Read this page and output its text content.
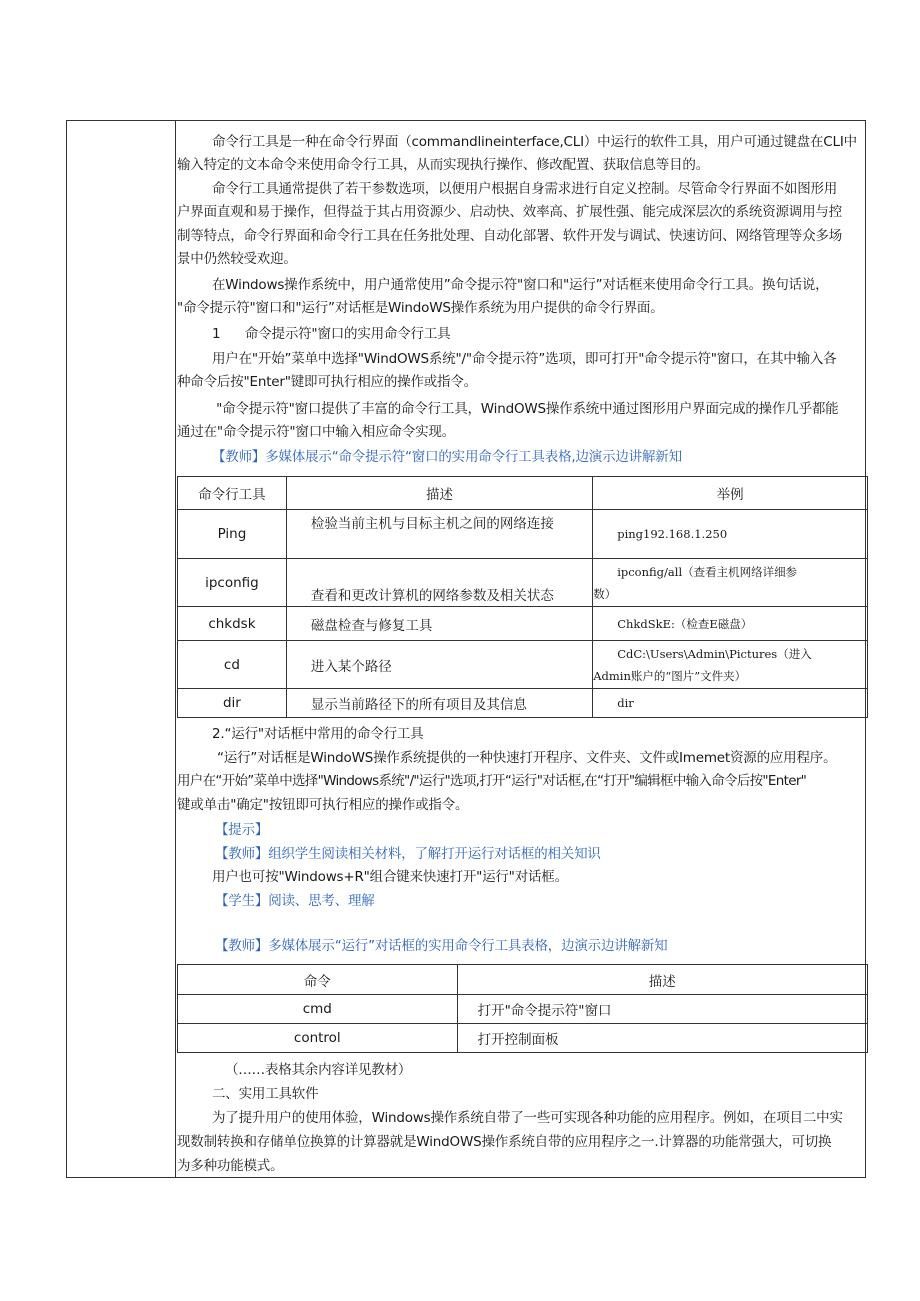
命令行工具是一种在命令行界面（commandlineinterface,CLI）中运行的软件工具，用户可通过键盘在CLI中
输入特定的文本命令来使用命令行工具，从而实现执行操作、修改配置、获取信息等目的。
命令行工具通常提供了若干参数选项，以便用户根据自身需求进行自定义控制。尽管命令行界面不如图形用
户界面直观和易于操作，但得益于其占用资源少、启动快、效率高、扩展性强、能完成深层次的系统资源调用与控
制等特点，命令行界面和命令行工具在任务批处理、自动化部署、软件开发与调试、快速访问、网络管理等众多场
景中仍然较受欢迎。
在Windows操作系统中，用户通常使用”命令提示符"窗口和"运行”对话框来使用命令行工具。换句话说，
"命令提示符"窗口和"运行”对话框是WindoWS操作系统为用户提供的命令行界面。
1      命令提示符"窗口的实用命令行工具
用户在"开始”菜单中选择"WindOWS系统"/"命令提示符”选项，即可打开"命令提示符"窗口，在其中输入各
种命令后按"Enter"键即可执行相应的操作或指令。
"命令提示符"窗口提供了丰富的命令行工具，WindOWS操作系统中通过图形用户界面完成的操作几乎都能
通过在"命令提示符"窗口中输入相应命令实现。
【教师】多媒体展示“命令提示符“窗口的实用命令行工具表格,边演示边讲解新知
命令行工具	描述	举例
Ping	检验当前主机与目标主机之间的网络连接	ping192.168.1.250
ipconfig	查看和更改计算机的网络参数及相关状态	ipconfig/all（查看主机网络详细参
数）

chkdsk	磁盘检查与修复工具	ChkdSkE:（检查E磁盘）
cd	进入某个路径	CdC:\Users\Admin\Pictures（进入
Admin账户的“图片”文件夹）

dir	显示当前路径下的所有项目及其信息	dir
2.“运行"对话框中常用的命令行工具
“运行”对话框是WindoWS操作系统提供的一种快速打开程序、文件夹、文件或Imemet资源的应用程序。
用户在“开始”菜单中选择"Windows系统"/"运行"选项,打开“运行"对话框,在“打开"编辑框中输入命令后按"Enter"
键或单击"确定"按钮即可执行相应的操作或指令。
【提示】
【教师】组织学生阅读相关材料，了解打开运行对话框的相关知识
用户也可按"Windows+R"组合键来快速打开"运行"对话框。
【学生】阅读、思考、理解
【教师】多媒体展示“运行”对话框的实用命令行工具表格，边演示边讲解新知
命令	描述
cmd	打开"命令提示符"窗口
control	打开控制面板
（……表格其余内容详见教材）
二、实用工具软件
为了提升用户的使用体验，Windows操作系统自带了一些可实现各种功能的应用程序。例如，在项目二中实
现数制转换和存储单位换算的计算器就是WindOWS操作系统自带的应用程序之一.计算器的功能常强大，可切换
为多种功能模式。
